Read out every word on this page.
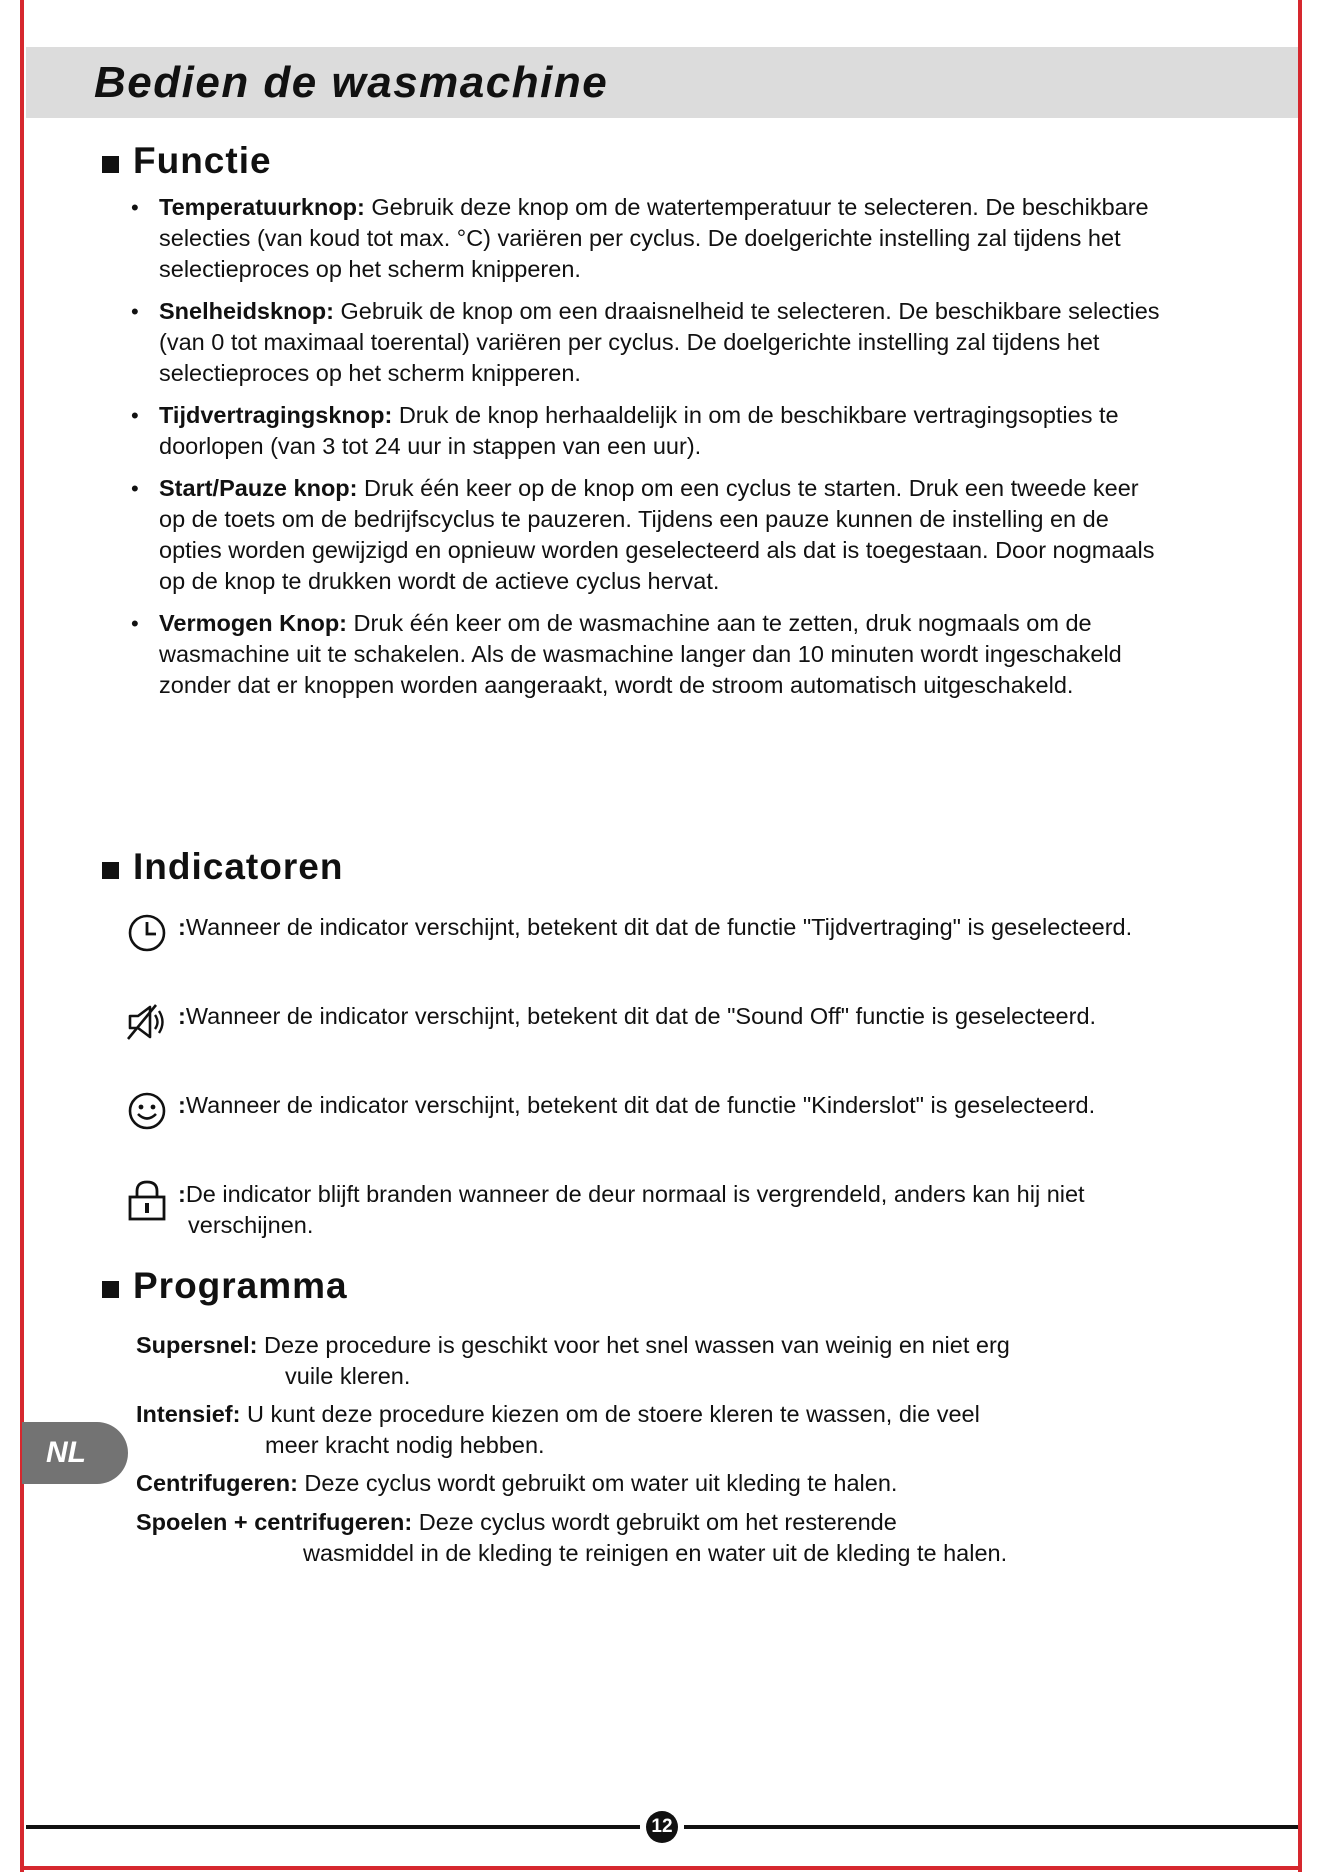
Bedien de wasmachine
Functie
• Temperatuurknop: Gebruik deze knop om de watertemperatuur te selecteren. De beschikbare selecties (van koud tot max. °C) variëren per cyclus. De doelgerichte instelling zal tijdens het selectieproces op het scherm knipperen.
• Snelheidsknop: Gebruik de knop om een draaisnelheid te selecteren. De beschikbare selecties (van 0 tot maximaal toerental) variëren per cyclus. De doelgerichte instelling zal tijdens het selectieproces op het scherm knipperen.
• Tijdvertragingsknop: Druk de knop herhaaldelijk in om de beschikbare vertragingsopties te doorlopen (van 3 tot 24 uur in stappen van een uur).
• Start/Pauze knop: Druk één keer op de knop om een cyclus te starten. Druk een tweede keer op de toets om de bedrijfscyclus te pauzeren. Tijdens een pauze kunnen de instelling en de opties worden gewijzigd en opnieuw worden geselecteerd als dat is toegestaan. Door nogmaals op de knop te drukken wordt de actieve cyclus hervat.
• Vermogen Knop: Druk één keer om de wasmachine aan te zetten, druk nogmaals om de wasmachine uit te schakelen. Als de wasmachine langer dan 10 minuten wordt ingeschakeld zonder dat er knoppen worden aangeraakt, wordt de stroom automatisch uitgeschakeld.
Indicatoren
:Wanneer de indicator verschijnt, betekent dit dat de functie "Tijdvertraging" is geselecteerd.
:Wanneer de indicator verschijnt, betekent dit dat de "Sound Off" functie is geselecteerd.
:Wanneer de indicator verschijnt, betekent dit dat de functie "Kinderslot" is geselecteerd.
:De indicator blijft branden wanneer de deur normaal is vergrendeld, anders kan hij niet verschijnen.
Programma
Supersnel: Deze procedure is geschikt voor het snel wassen van weinig en niet erg
vuile kleren.
Intensief: U kunt deze procedure kiezen om de stoere kleren te wassen, die veel
meer kracht nodig hebben.
Centrifugeren: Deze cyclus wordt gebruikt om water uit kleding te halen.
Spoelen + centrifugeren: Deze cyclus wordt gebruikt om het resterende
wasmiddel in de kleding te reinigen en water uit de kleding te halen.
NL
12
